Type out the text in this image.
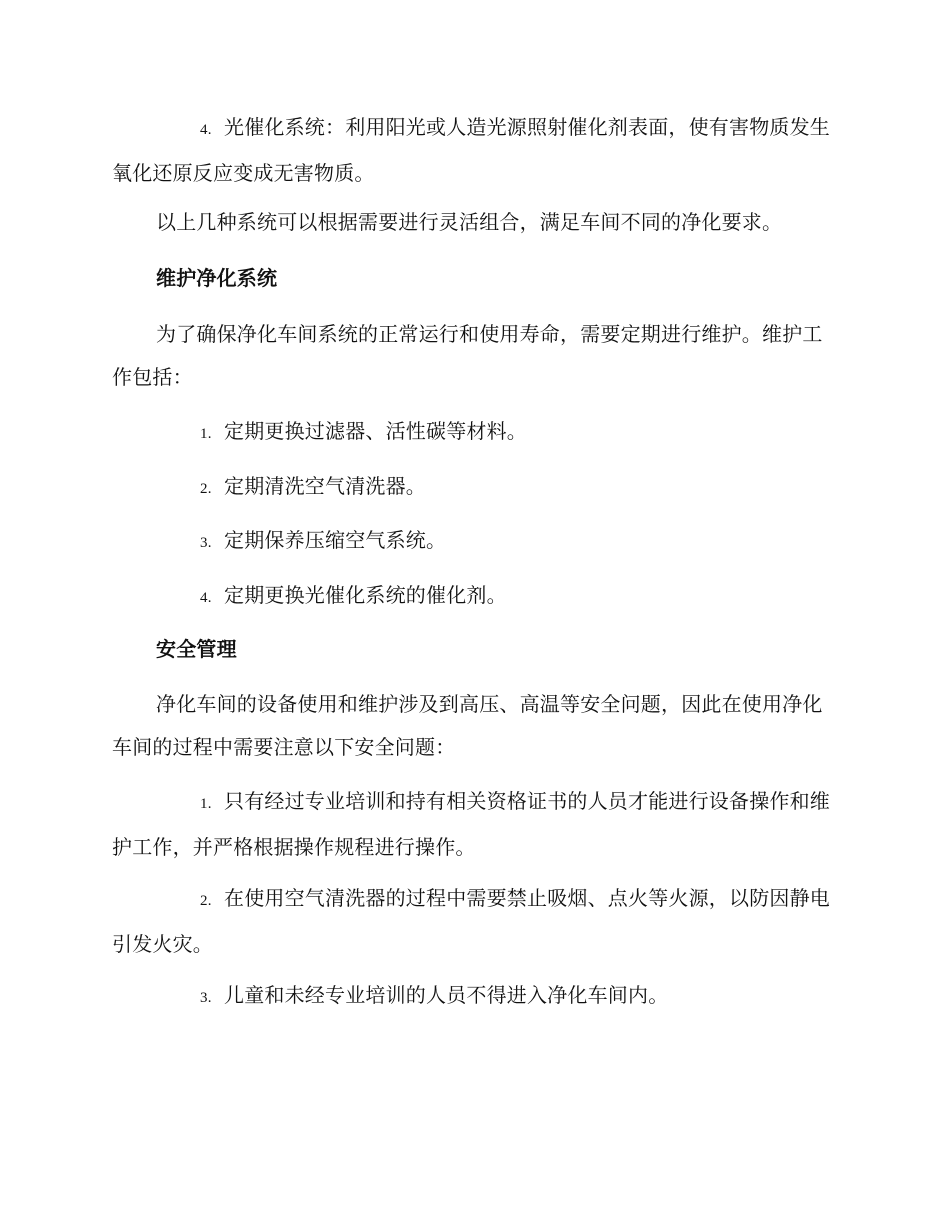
4. 光催化系统：利用阳光或人造光源照射催化剂表面，使有害物质发生氧化还原反应变成无害物质。
以上几种系统可以根据需要进行灵活组合，满足车间不同的净化要求。
维护净化系统
为了确保净化车间系统的正常运行和使用寿命，需要定期进行维护。维护工作包括：
1. 定期更换过滤器、活性碳等材料。
2. 定期清洗空气清洗器。
3. 定期保养压缩空气系统。
4. 定期更换光催化系统的催化剂。
安全管理
净化车间的设备使用和维护涉及到高压、高温等安全问题，因此在使用净化车间的过程中需要注意以下安全问题：
1. 只有经过专业培训和持有相关资格证书的人员才能进行设备操作和维护工作，并严格根据操作规程进行操作。
2. 在使用空气清洗器的过程中需要禁止吸烟、点火等火源，以防因静电引发火灾。
3. 儿童和未经专业培训的人员不得进入净化车间内。
